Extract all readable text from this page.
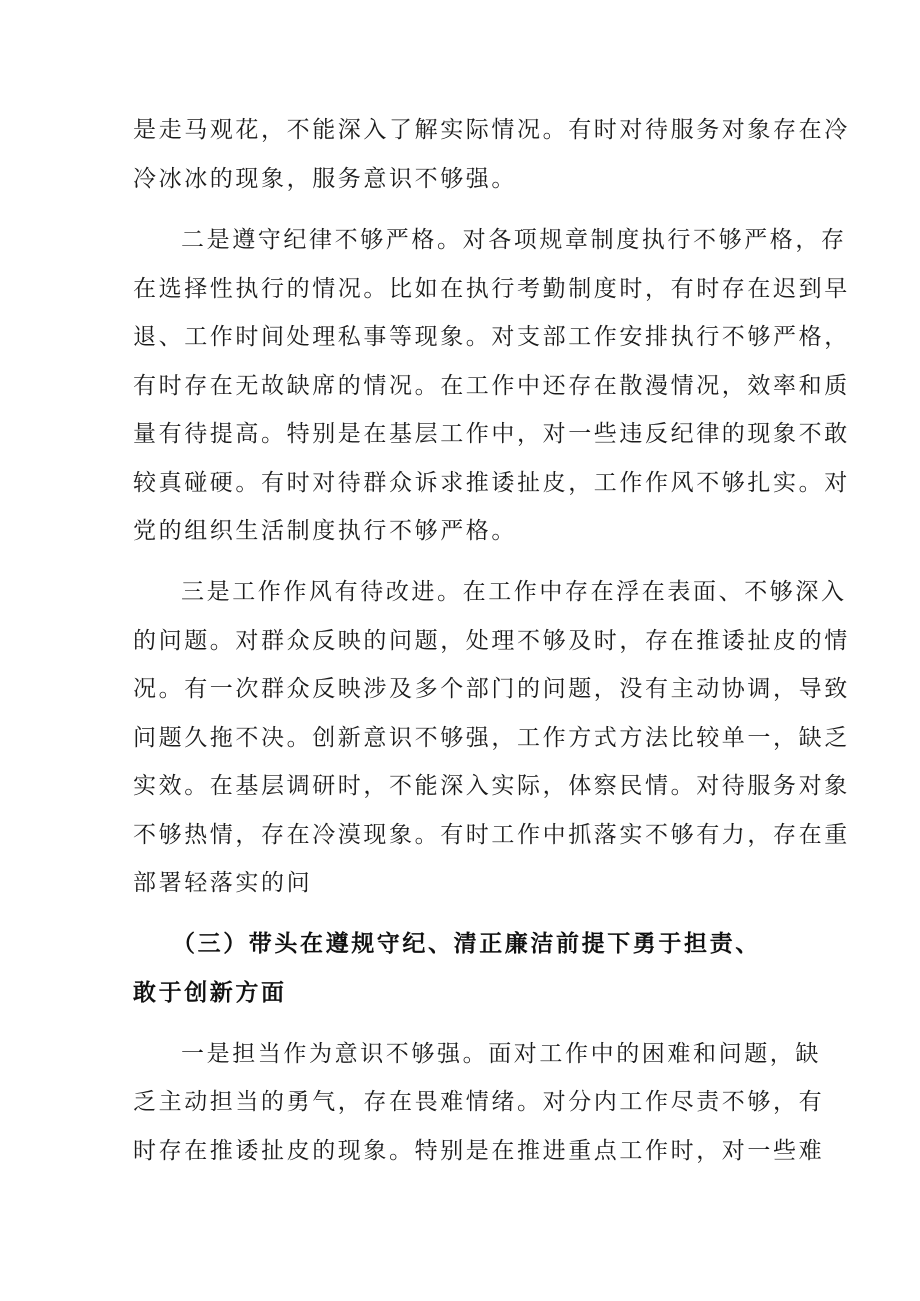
是走马观花，不能深入了解实际情况。有时对待服务对象存在冷

冷冰冰的现象，服务意识不够强。

二是遵守纪律不够严格。对各项规章制度执行不够严格，存

在选择性执行的情况。比如在执行考勤制度时，有时存在迟到早

退、工作时间处理私事等现象。对支部工作安排执行不够严格，

有时存在无故缺席的情况。在工作中还存在散漫情况，效率和质

量有待提高。特别是在基层工作中，对一些违反纪律的现象不敢

较真碰硬。有时对待群众诉求推诿扯皮，工作作风不够扎实。对

党的组织生活制度执行不够严格。

三是工作作风有待改进。在工作中存在浮在表面、不够深入

的问题。对群众反映的问题，处理不够及时，存在推诿扯皮的情

况。有一次群众反映涉及多个部门的问题，没有主动协调，导致

问题久拖不决。创新意识不够强，工作方式方法比较单一，缺乏

实效。在基层调研时，不能深入实际，体察民情。对待服务对象

不够热情，存在冷漠现象。有时工作中抓落实不够有力，存在重

部署轻落实的问

（三）带头在遵规守纪、清正廉洁前提下勇于担责、

敢于创新方面

一是担当作为意识不够强。面对工作中的困难和问题，缺

乏主动担当的勇气，存在畏难情绪。对分内工作尽责不够，有

时存在推诿扯皮的现象。特别是在推进重点工作时，对一些难
